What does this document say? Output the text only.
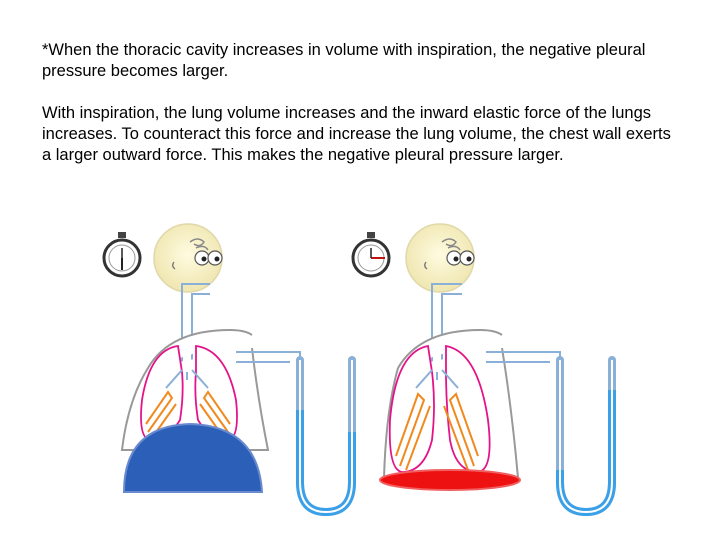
*When the thoracic cavity increases in volume with inspiration, the negative pleural pressure becomes larger.

With inspiration, the lung volume increases and the inward elastic force of the lungs increases. To counteract this force and increase the lung volume, the chest wall exerts a larger outward force. This makes the negative pleural pressure larger.
